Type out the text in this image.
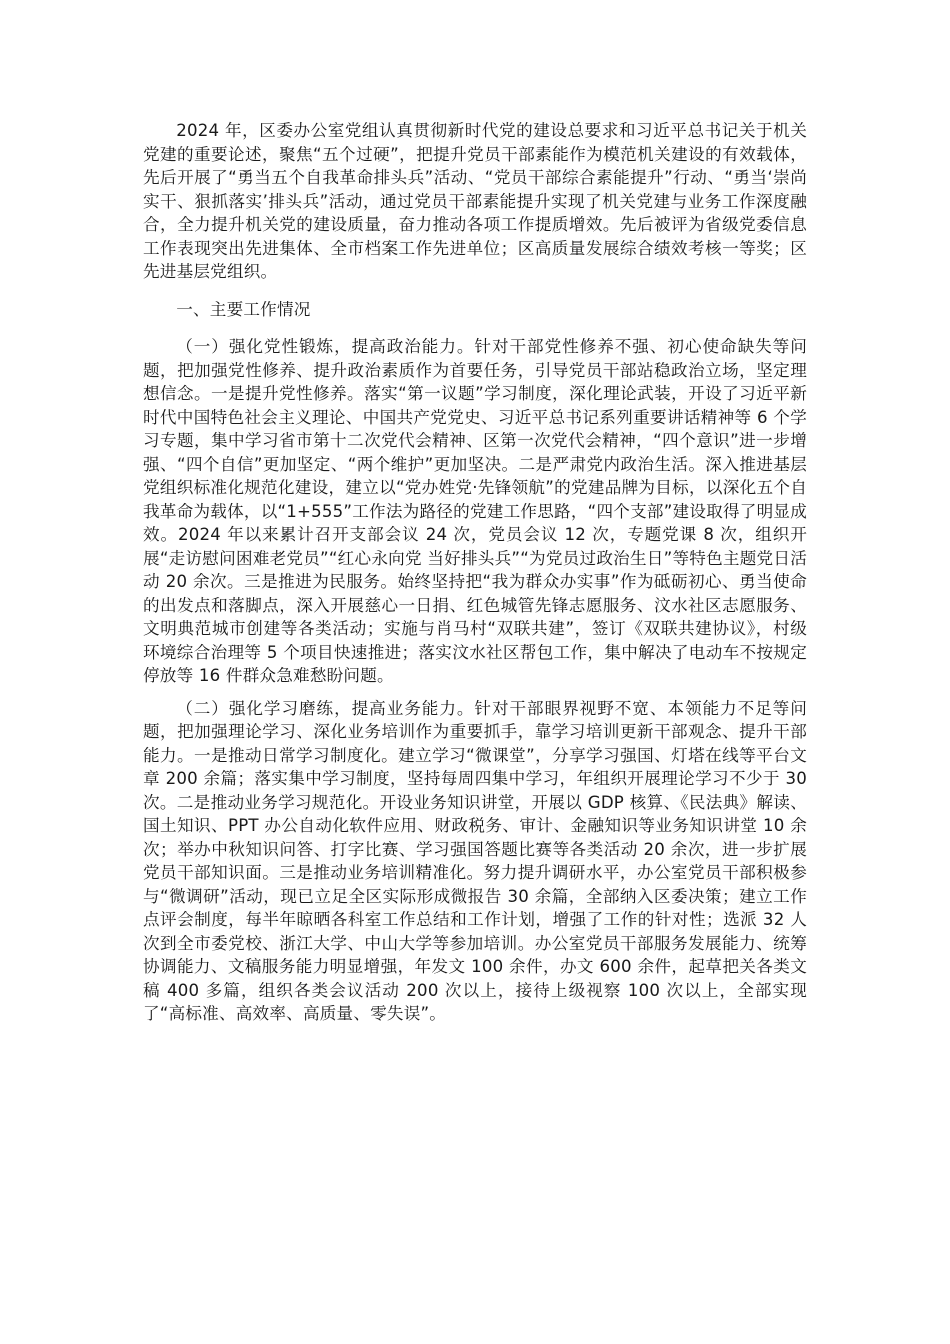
2024 年，区委办公室党组认真贯彻新时代党的建设总要求和习近平总书记关于机关党建的重要论述，聚焦“五个过硬”，把提升党员干部素能作为模范机关建设的有效载体，先后开展了“勇当五个自我革命排头兵”活动、“党员干部综合素能提升”行动、“勇当‘崇尚实干、狠抓落实’排头兵”活动，通过党员干部素能提升实现了机关党建与业务工作深度融合，全力提升机关党的建设质量，奋力推动各项工作提质增效。先后被评为省级党委信息工作表现突出先进集体、全市档案工作先进单位；区高质量发展综合绩效考核一等奖；区先进基层党组织。

一、主要工作情况

（一）强化党性锻炼，提高政治能力。针对干部党性修养不强、初心使命缺失等问题，把加强党性修养、提升政治素质作为首要任务，引导党员干部站稳政治立场，坚定理想信念。一是提升党性修养。落实“第一议题”学习制度，深化理论武装，开设了习近平新时代中国特色社会主义理论、中国共产党党史、习近平总书记系列重要讲话精神等 6 个学习专题，集中学习省市第十二次党代会精神、区第一次党代会精神，“四个意识”进一步增强、“四个自信”更加坚定、“两个维护”更加坚决。二是严肃党内政治生活。深入推进基层党组织标准化规范化建设，建立以“党办姓党·先锋领航”的党建品牌为目标，以深化五个自我革命为载体，以“1+555”工作法为路径的党建工作思路，“四个支部”建设取得了明显成效。2024 年以来累计召开支部会议 24 次，党员会议 12 次，专题党课 8 次，组织开展“走访慰问困难老党员”“红心永向党 当好排头兵”“为党员过政治生日”等特色主题党日活动 20 余次。三是推进为民服务。始终坚持把“我为群众办实事”作为砥砺初心、勇当使命的出发点和落脚点，深入开展慈心一日捐、红色城管先锋志愿服务、汶水社区志愿服务、文明典范城市创建等各类活动；实施与肖马村“双联共建”，签订《双联共建协议》，村级环境综合治理等 5 个项目快速推进；落实汶水社区帮包工作，集中解决了电动车不按规定停放等 16 件群众急难愁盼问题。

（二）强化学习磨练，提高业务能力。针对干部眼界视野不宽、本领能力不足等问题，把加强理论学习、深化业务培训作为重要抓手，靠学习培训更新干部观念、提升干部能力。一是推动日常学习制度化。建立学习“微课堂”，分享学习强国、灯塔在线等平台文章 200 余篇；落实集中学习制度，坚持每周四集中学习，年组织开展理论学习不少于 30 次。二是推动业务学习规范化。开设业务知识讲堂，开展以 GDP 核算、《民法典》解读、国土知识、PPT 办公自动化软件应用、财政税务、审计、金融知识等业务知识讲堂 10 余次；举办中秋知识问答、打字比赛、学习强国答题比赛等各类活动 20 余次，进一步扩展党员干部知识面。三是推动业务培训精准化。努力提升调研水平，办公室党员干部积极参与“微调研”活动，现已立足全区实际形成微报告 30 余篇，全部纳入区委决策；建立工作点评会制度，每半年晾晒各科室工作总结和工作计划，增强了工作的针对性；选派 32 人次到全市委党校、浙江大学、中山大学等参加培训。办公室党员干部服务发展能力、统筹协调能力、文稿服务能力明显增强，年发文 100 余件，办文 600 余件，起草把关各类文稿 400 多篇，组织各类会议活动 200 次以上，接待上级视察 100 次以上，全部实现了“高标准、高效率、高质量、零失误”。
